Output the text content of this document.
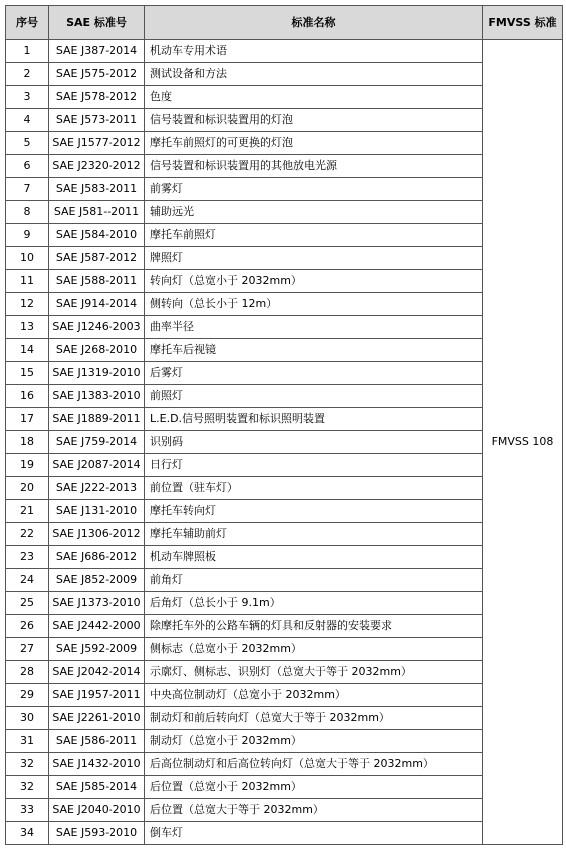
序号	SAE 标准号	标准名称	FMVSS 标准
1	SAE J387-2014	机动车专用术语	FMVSS 108
2	SAE J575-2012	测试设备和方法	
3	SAE J578-2012	色度	
4	SAE J573-2011	信号装置和标识装置用的灯泡	
5	SAE J1577-2012	摩托车前照灯的可更换的灯泡	
6	SAE J2320-2012	信号装置和标识装置用的其他放电光源	
7	SAE J583-2011	前雾灯	
8	SAE J581--2011	辅助远光	
9	SAE J584-2010	摩托车前照灯	
10	SAE J587-2012	牌照灯	
11	SAE J588-2011	转向灯（总宽小于 2032mm）	
12	SAE J914-2014	侧转向（总长小于 12m）	
13	SAE J1246-2003	曲率半径	
14	SAE J268-2010	摩托车后视镜	
15	SAE J1319-2010	后雾灯	
16	SAE J1383-2010	前照灯	
17	SAE J1889-2011	L.E.D.信号照明装置和标识照明装置	
18	SAE J759-2014	识别码	
19	SAE J2087-2014	日行灯	
20	SAE J222-2013	前位置（驻车灯）	
21	SAE J131-2010	摩托车转向灯	
22	SAE J1306-2012	摩托车辅助前灯	
23	SAE J686-2012	机动车牌照板	
24	SAE J852-2009	前角灯	
25	SAE J1373-2010	后角灯（总长小于 9.1m）	
26	SAE J2442-2000	除摩托车外的公路车辆的灯具和反射器的安装要求	
27	SAE J592-2009	侧标志（总宽小于 2032mm）	
28	SAE J2042-2014	示廓灯、侧标志、识别灯（总宽大于等于 2032mm）	
29	SAE J1957-2011	中央高位制动灯（总宽小于 2032mm）	
30	SAE J2261-2010	制动灯和前后转向灯（总宽大于等于 2032mm）	
31	SAE J586-2011	制动灯（总宽小于 2032mm）	
32	SAE J1432-2010	后高位制动灯和后高位转向灯（总宽大于等于 2032mm）	
32	SAE J585-2014	后位置（总宽小于 2032mm）	
33	SAE J2040-2010	后位置（总宽大于等于 2032mm）	
34	SAE J593-2010	倒车灯	
